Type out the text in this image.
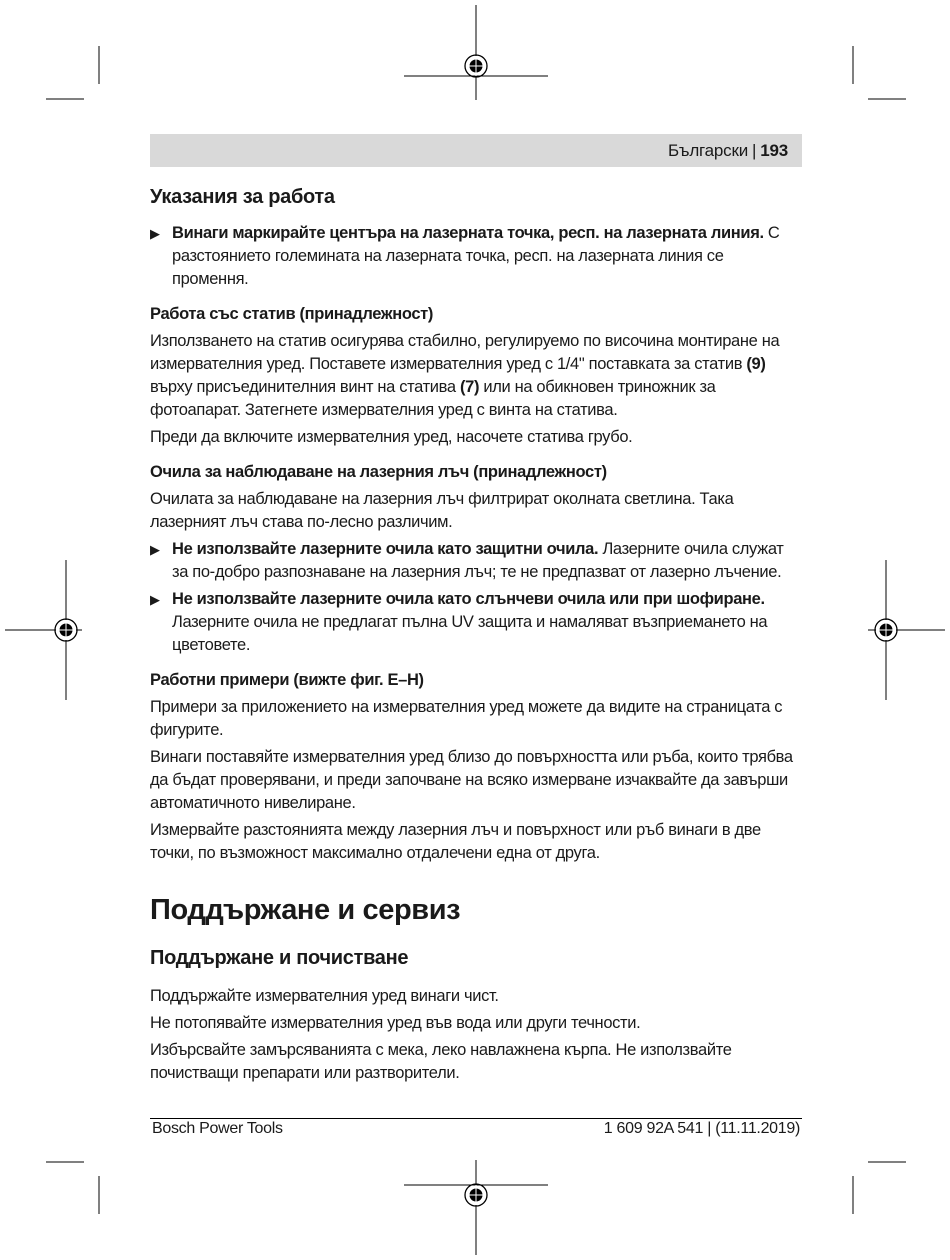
Български | 193
Указания за работа
▶ Винаги маркирайте центъра на лазерната точка, респ. на лазерната линия. С разстоянието големината на лазерната точка, респ. на лазерната линия се промення.
Работа със статив (принадлежност)

Използването на статив осигурява стабилно, регулируемо по височина монтиране на измервателния уред. Поставете измервателния уред с 1/4" поставката за статив (9) върху присъединителния винт на статива (7) или на обикновен триножник за фотоапарат. Затегнете измервателния уред с винта на статива.

Преди да включите измервателния уред, насочете статива грубо.

Очила за наблюдаване на лазерния лъч (принадлежност)

Очилата за наблюдаване на лазерния лъч филтрират околната светлина. Така лазерният лъч става по-лесно различим.

▶ Не използвайте лазерните очила като защитни очила. Лазерните очила служат за по-добро разпознаване на лазерния лъч; те не предпазват от лазерно лъчение.
▶ Не използвайте лазерните очила като слънчеви очила или при шофиране. Лазерните очила не предлагат пълна UV защита и намаляват възприемането на цветовете.
Работни примери (вижте фиг. E–H)

Примери за приложението на измервателния уред можете да видите на страницата с фигурите.

Винаги поставяйте измервателния уред близо до повърхността или ръба, които трябва да бъдат проверявани, и преди започване на всяко измерване изчаквайте да завърши автоматичното нивелиране.

Измервайте разстоянията между лазерния лъч и повърхност или ръб винаги в две точки, по възможност максимално отдалечени една от друга.

Поддържане и сервиз
Поддържане и почистване

Поддържайте измервателния уред винаги чист.

Не потопявайте измервателния уред във вода или други течности.

Избърсвайте замърсяванията с мека, леко навлажнена кърпа. Не използвайте почистващи препарати или разтворители.

Bosch Power Tools	1 609 92A 541 | (11.11.2019)
